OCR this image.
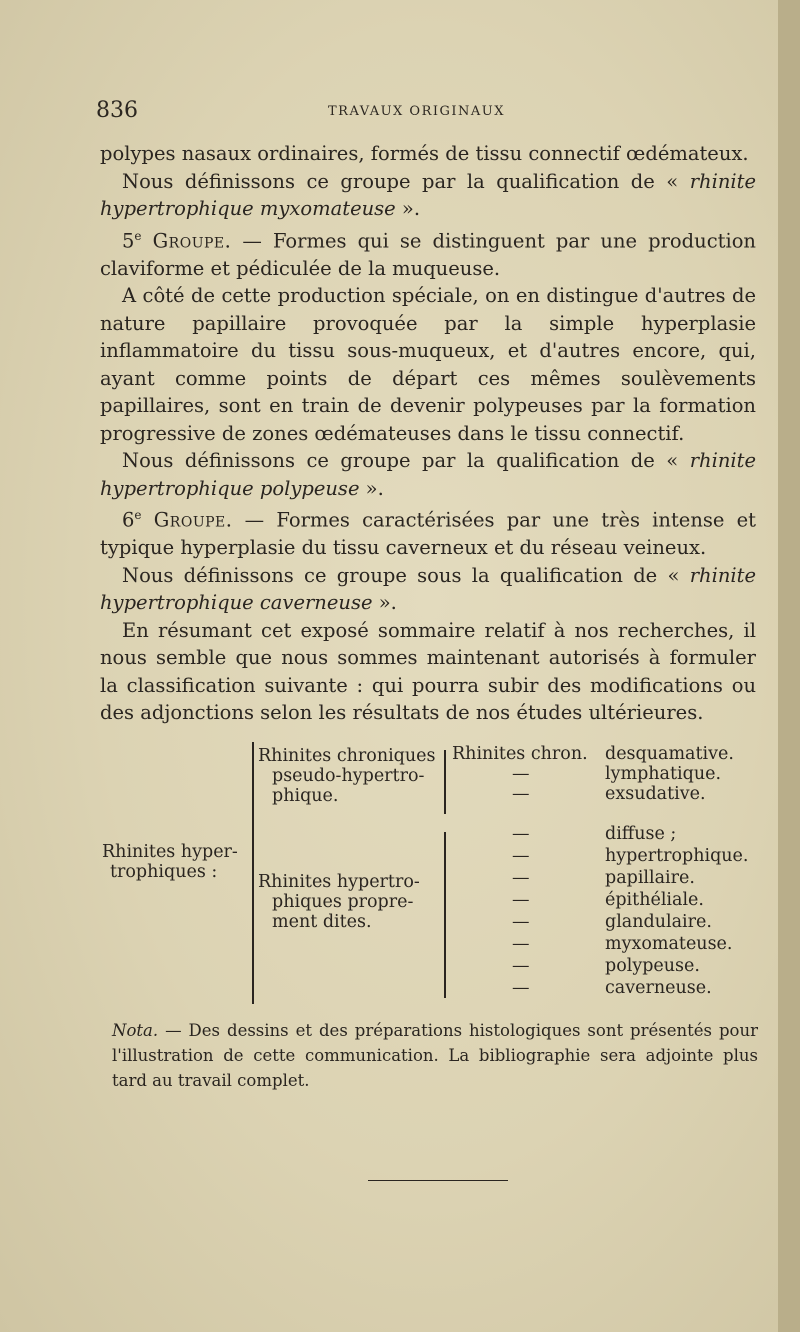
836	TRAVAUX ORIGINAUX

polypes nasaux ordinaires, formés de tissu connectif œdémateux.

Nous définissons ce groupe par la qualification de « rhinite hypertrophique myxomateuse ».

5e Groupe. — Formes qui se distinguent par une production claviforme et pédiculée de la muqueuse.

A côté de cette production spéciale, on en distingue d'autres de nature papillaire provoquée par la simple hyperplasie inflammatoire du tissu sous-muqueux, et d'autres encore, qui, ayant comme points de départ ces mêmes soulèvements papillaires, sont en train de devenir polypeuses par la formation progressive de zones œdémateuses dans le tissu connectif.

Nous définissons ce groupe par la qualification de « rhinite hypertrophique polypeuse ».

6e Groupe. — Formes caractérisées par une très intense et typique hyperplasie du tissu caverneux et du réseau veineux.

Nous définissons ce groupe sous la qualification de « rhinite hypertrophique caverneuse ».

En résumant cet exposé sommaire relatif à nos recherches, il nous semble que nous sommes maintenant autorisés à formuler la classification suivante : qui pourra subir des modifications ou des adjonctions selon les résultats de nos études ultérieures.

Rhinites hyper-
trophiques :
Rhinites chroniques
pseudo-hypertro-
phique.
Rhinites hypertro-
phiques propre-
ment dites.
Rhinites chron.
—
—
—
—
—
—
—
—
—
—
desquamative.
lymphatique.
exsudative.
diffuse ;
hypertrophique.
papillaire.
épithéliale.
glandulaire.
myxomateuse.
polypeuse.
caverneuse.

Nota. — Des dessins et des préparations histologiques sont présentés pour l'illustration de cette communication. La bibliographie sera adjointe plus tard au travail complet.
